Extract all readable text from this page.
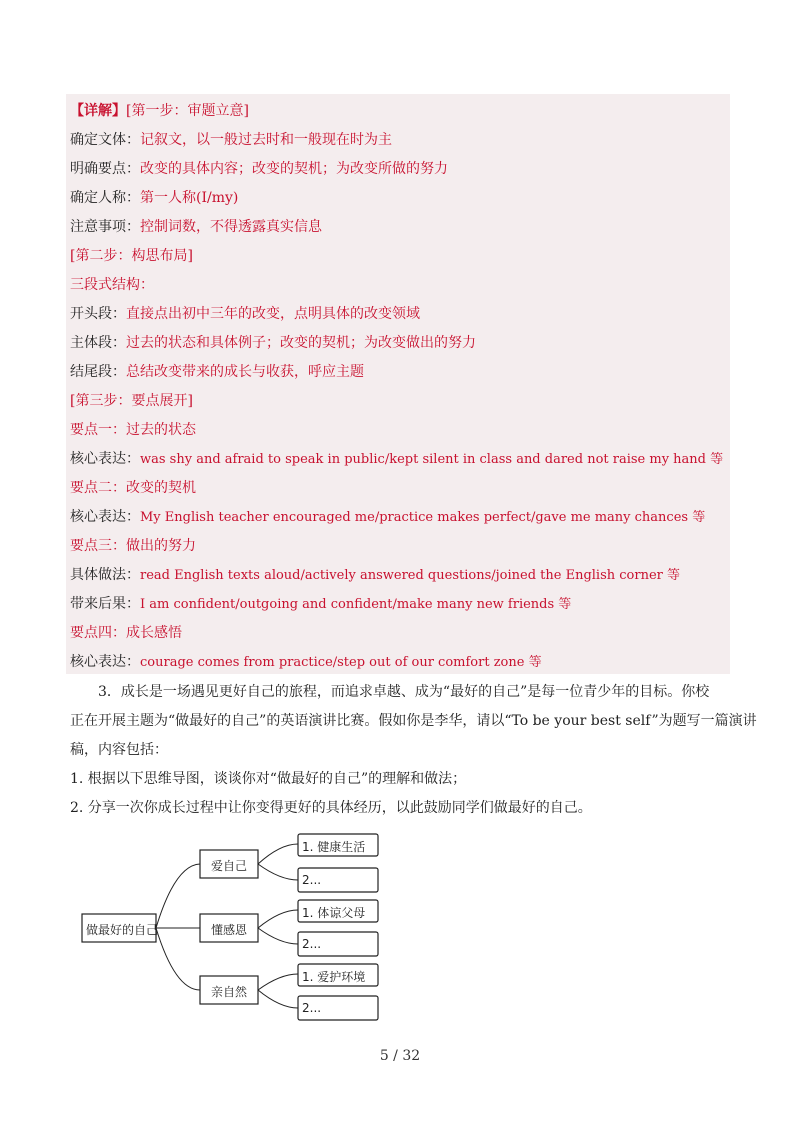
【详解】[第一步：审题立意]
确定文体：记叙文，以一般过去时和一般现在时为主
明确要点：改变的具体内容；改变的契机；为改变所做的努力
确定人称：第一人称(I/my)
注意事项：控制词数，不得透露真实信息
[第二步：构思布局]
三段式结构：
开头段：直接点出初中三年的改变，点明具体的改变领域
主体段：过去的状态和具体例子；改变的契机；为改变做出的努力
结尾段：总结改变带来的成长与收获，呼应主题
[第三步：要点展开]
要点一：过去的状态
核心表达：was shy and afraid to speak in public/kept silent in class and dared not raise my hand 等
要点二：改变的契机
核心表达：My English teacher encouraged me/practice makes perfect/gave me many chances 等
要点三：做出的努力
具体做法：read English texts aloud/actively answered questions/joined the English corner 等
带来后果：I am confident/outgoing and confident/make many new friends 等
要点四：成长感悟
核心表达：courage comes from practice/step out of our comfort zone 等
3．成长是一场遇见更好自己的旅程，而追求卓越、成为“最好的自己”是每一位青少年的目标。你校
正在开展主题为“做最好的自己”的英语演讲比赛。假如你是李华，请以“To be your best self”为题写一篇演讲
稿，内容包括：
1. 根据以下思维导图，谈谈你对“做最好的自己”的理解和做法；
2. 分享一次你成长过程中让你变得更好的具体经历，以此鼓励同学们做最好的自己。
做最好的自己
爱自己
懂感恩
亲自然
1. 健康生活
2...
1. 体谅父母
2...
1. 爱护环境
2...
5 / 32
